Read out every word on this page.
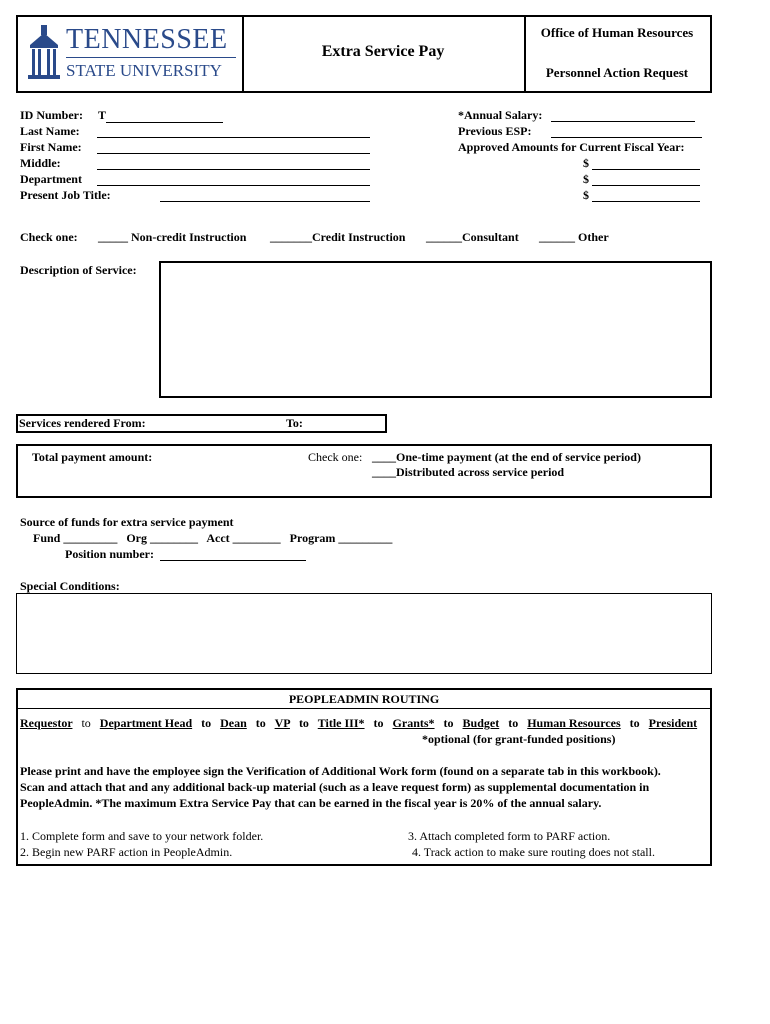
TENNESSEE
STATE UNIVERSITY
Extra Service Pay
Office of Human Resources
Personnel Action Request
ID Number: T
Last Name:
First Name:
Middle:
Department
Present Job Title:
*Annual Salary:
Previous ESP:
Approved Amounts for Current Fiscal Year:
$
$
$
Check one: _____ Non-credit Instruction _______Credit Instruction ______Consultant ______ Other
Description of Service:
Services rendered From:	To:
Total payment amount:	Check one: ____One-time payment (at the end of service period)
____Distributed across service period
Source of funds for extra service payment
Fund _________   Org ________   Acct ________   Program _________
Position number:
Special Conditions:
PEOPLEADMIN ROUTING
Requestor   to   Department Head   to   Dean   to   VP   to   Title III*   to   Grants*   to   Budget   to   Human Resources   to   President
*optional (for grant-funded positions)
Please print and have the employee sign the Verification of Additional Work form (found on a separate tab in this workbook).
Scan and attach that and any additional back-up material (such as a leave request form) as supplemental documentation in
PeopleAdmin. *The maximum Extra Service Pay that can be earned in the fiscal year is 20% of the annual salary.
1. Complete form and save to your network folder.
2. Begin new PARF action in PeopleAdmin.
3. Attach completed form to PARF action.
4. Track action to make sure routing does not stall.
